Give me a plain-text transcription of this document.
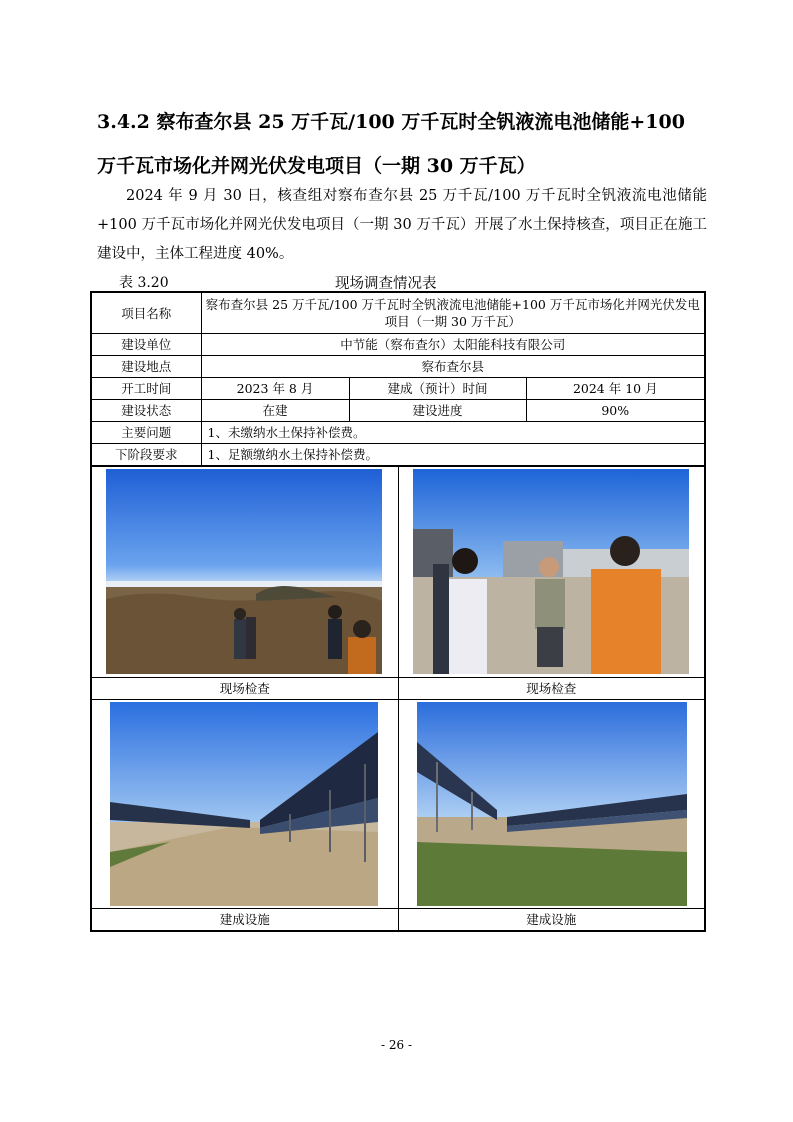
3.4.2 察布查尔县 25 万千瓦/100 万千瓦时全钒液流电池储能+100 万千瓦市场化并网光伏发电项目（一期 30 万千瓦）

2024 年 9 月 30 日，核查组对察布查尔县 25 万千瓦/100 万千瓦时全钒液流电池储能+100 万千瓦市场化并网光伏发电项目（一期 30 万千瓦）开展了水土保持核查，项目正在施工建设中，主体工程进度 40%。

表 3.20	现场调查情况表
项目名称	察布查尔县 25 万千瓦/100 万千瓦时全钒液流电池储能+100 万千瓦市场化并网光伏发电项目（一期 30 万千瓦）		
建设单位	中节能（察布查尔）太阳能科技有限公司		
建设地点	察布查尔县		
开工时间	2023 年 8 月	建成（预计）时间	2024 年 10 月
建设状态	在建	建设进度	90%
主要问题	1、未缴纳水土保持补偿费。		
下阶段要求	1、足额缴纳水土保持补偿费。		

现场检查	现场检查

建成设施	建成设施
- 26 -
